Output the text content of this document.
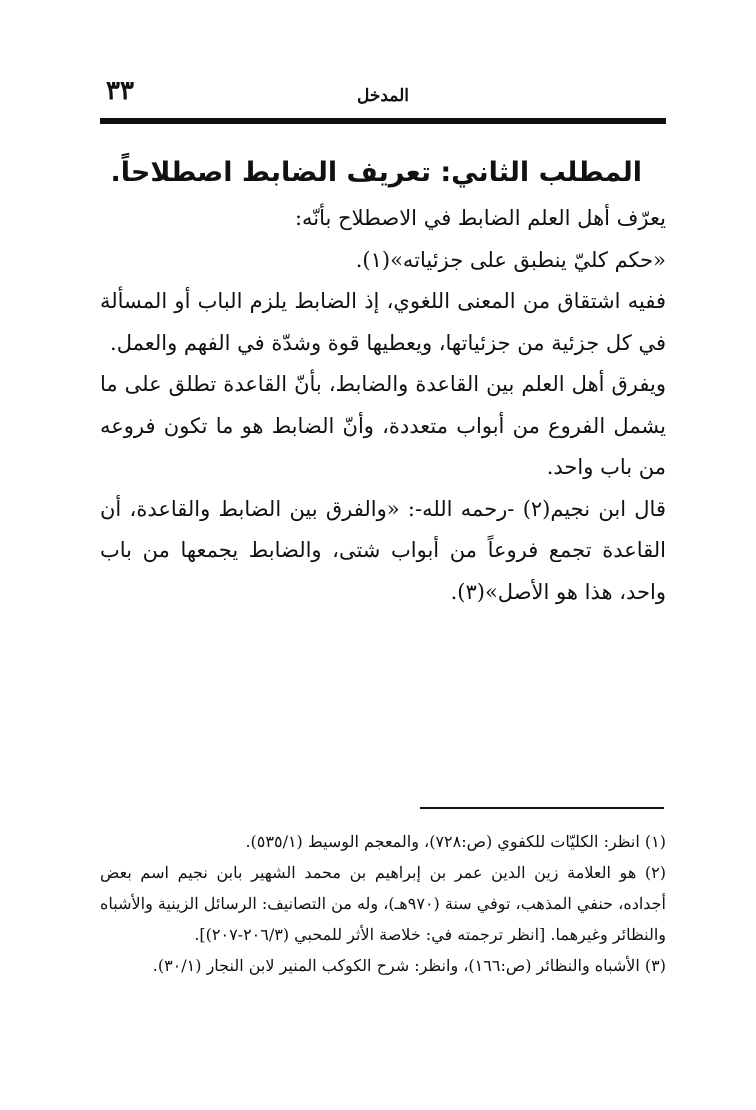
٣٣	المدخل
المطلب الثاني: تعريف الضابط اصطلاحاً.

يعرّف أهل العلم الضابط في الاصطلاح بأنّه:

«حكم كليّ ينطبق على جزئياته»(١).

ففيه اشتقاق من المعنى اللغوي، إذ الضابط يلزم الباب أو المسألة في كل جزئية من جزئياتها، ويعطيها قوة وشدّة في الفهم والعمل.

ويفرق أهل العلم بين القاعدة والضابط، بأنّ القاعدة تطلق على ما يشمل الفروع من أبواب متعددة، وأنّ الضابط هو ما تكون فروعه من باب واحد.

قال ابن نجيم(٢) -رحمه الله-: «والفرق بين الضابط والقاعدة، أن القاعدة تجمع فروعاً من أبواب شتى، والضابط يجمعها من باب واحد، هذا هو الأصل»(٣).

(١) انظر: الكليّات للكفوي (ص:٧٢٨)، والمعجم الوسيط (٥٣٥/١).

(٢) هو العلامة زين الدين عمر بن إبراهيم بن محمد الشهير بابن نجيم اسم بعض أجداده، حنفي المذهب، توفي سنة (٩٧٠هـ)، وله من التصانيف: الرسائل الزينية والأشباه والنظائر وغيرهما. [انظر ترجمته في: خلاصة الأثر للمحبي (٢٠٦/٣-٢٠٧)].

(٣) الأشباه والنظائر (ص:١٦٦)، وانظر: شرح الكوكب المنير لابن النجار (٣٠/١).
